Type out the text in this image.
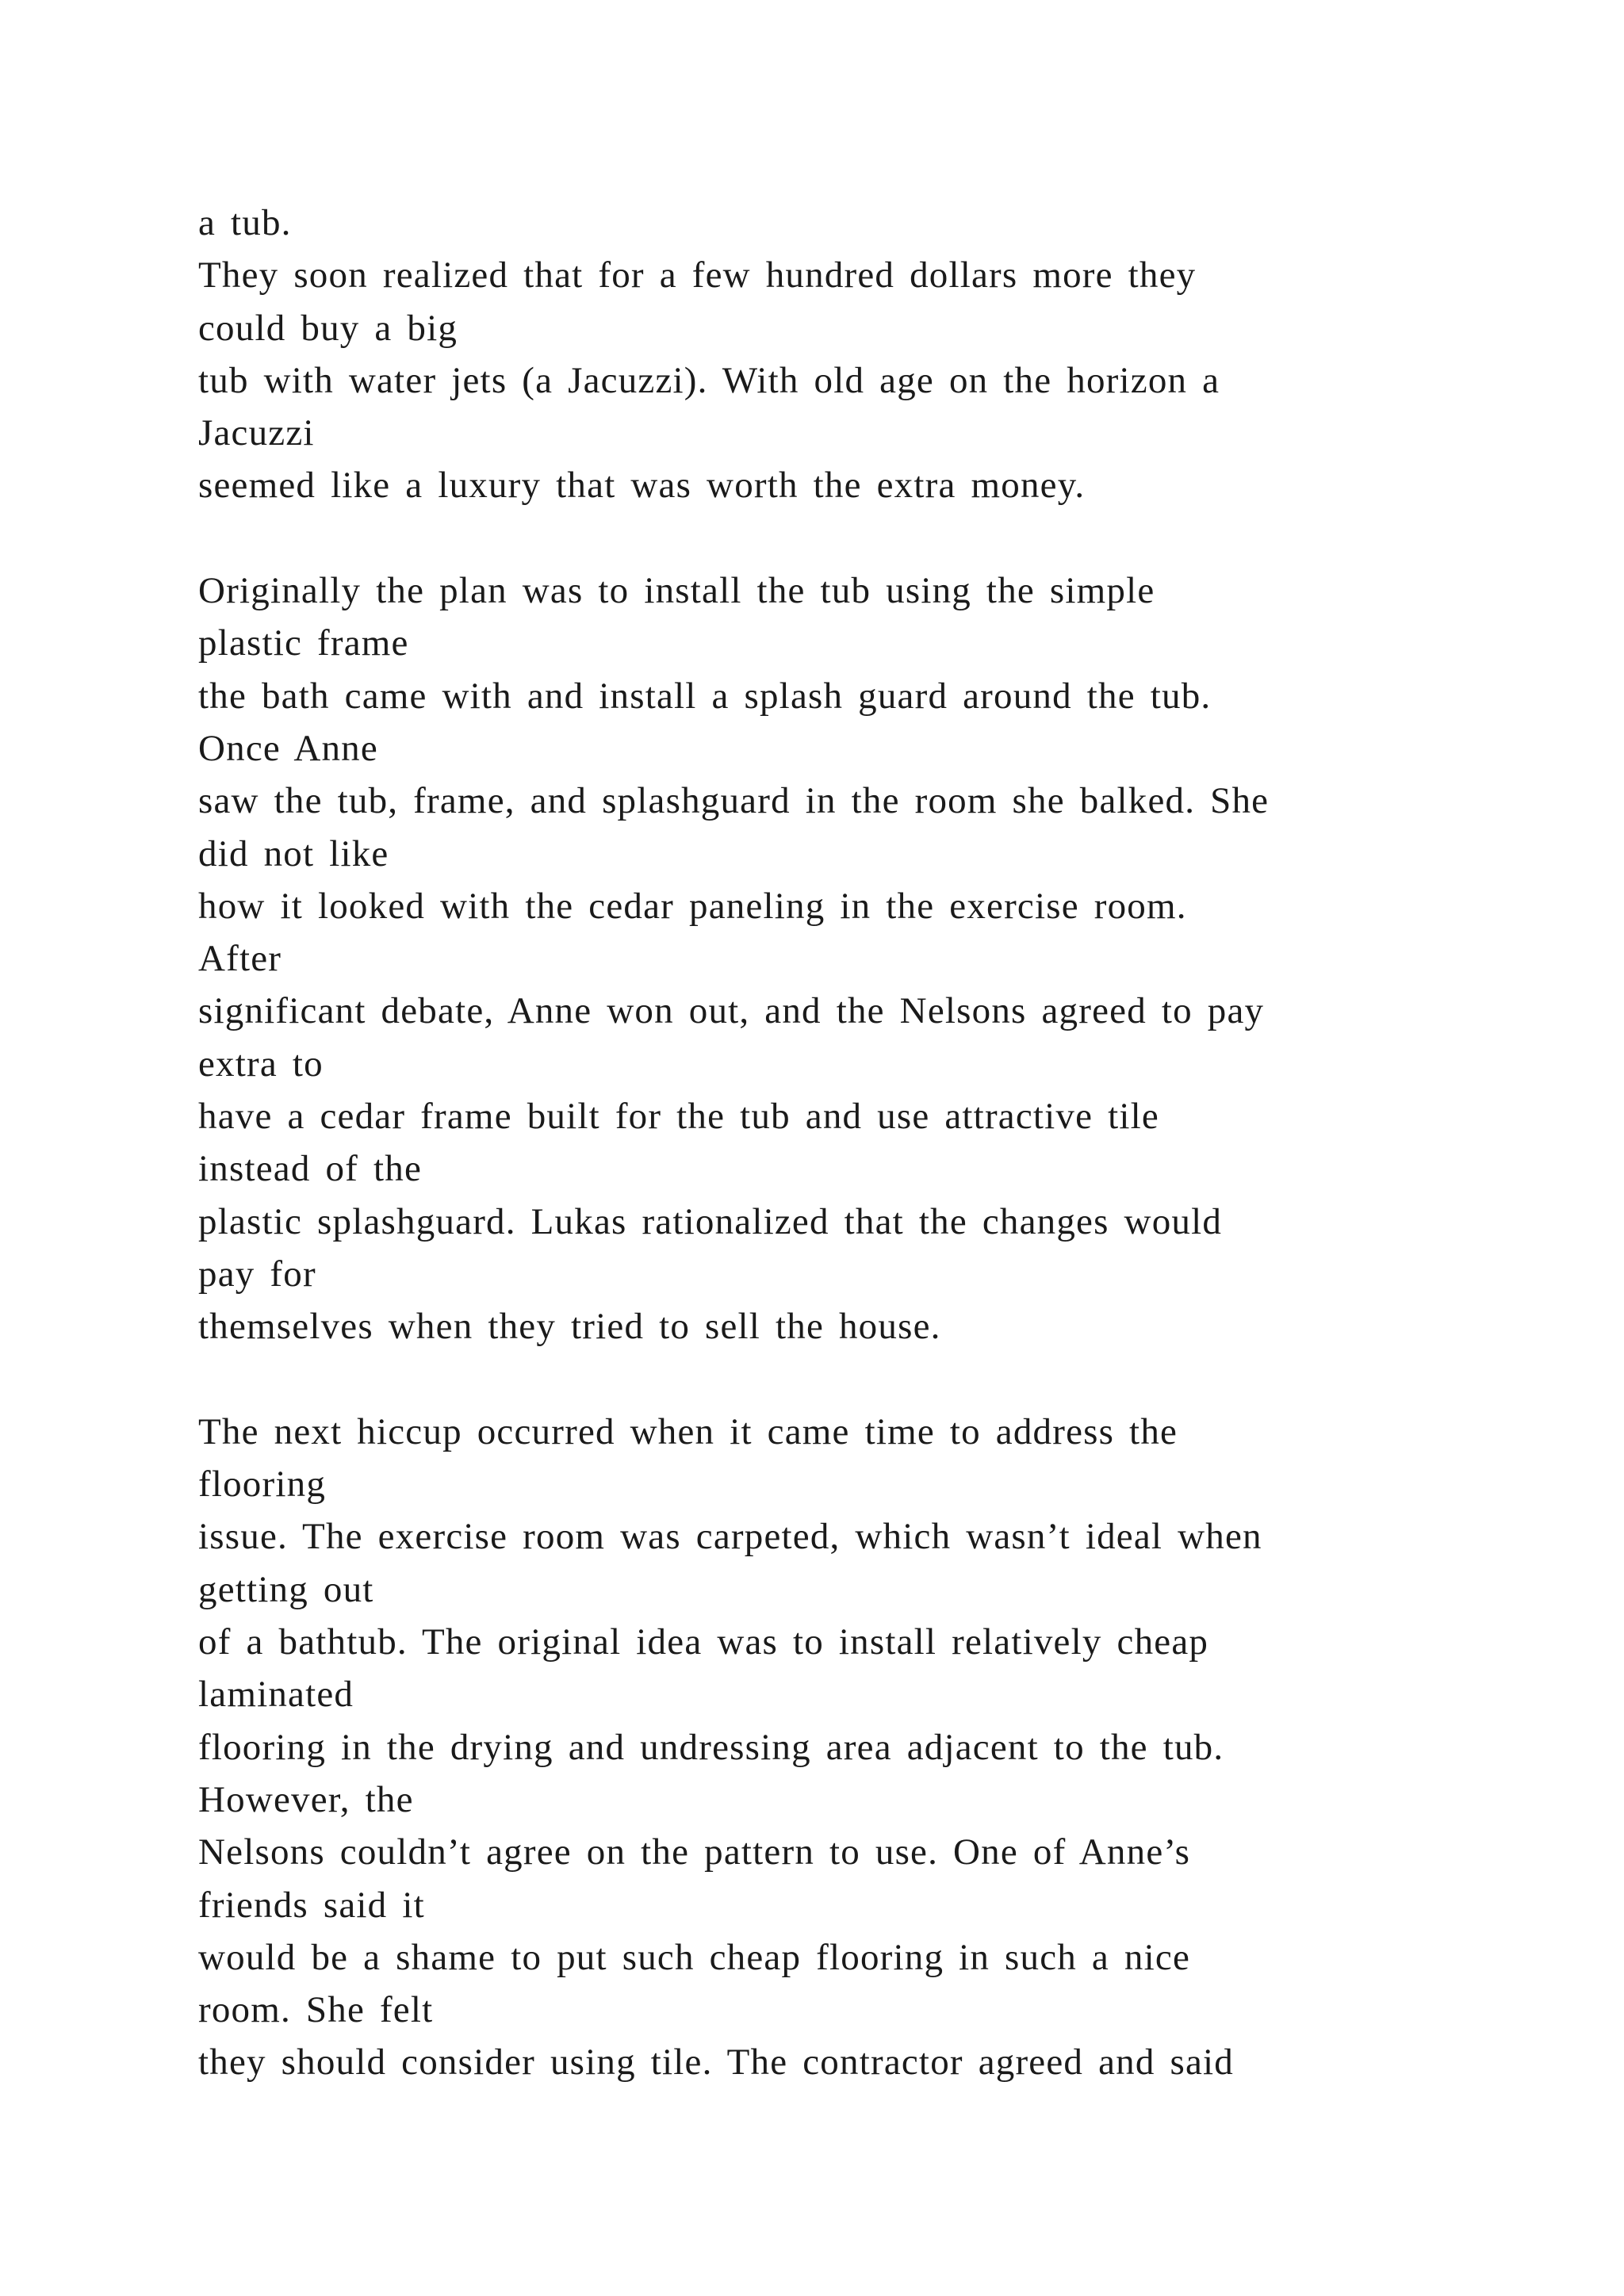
a tub.
They soon realized that for a few hundred dollars more they
could buy a big
tub with water jets (a Jacuzzi). With old age on the horizon a
Jacuzzi
seemed like a luxury that was worth the extra money.
Originally the plan was to install the tub using the simple
plastic frame
the bath came with and install a splash guard around the tub.
Once Anne
saw the tub, frame, and splashguard in the room she balked. She
did not like
how it looked with the cedar paneling in the exercise room.
After
significant debate, Anne won out, and the Nelsons agreed to pay
extra to
have a cedar frame built for the tub and use attractive tile
instead of the
plastic splashguard. Lukas rationalized that the changes would
pay for
themselves when they tried to sell the house.
The next hiccup occurred when it came time to address the
flooring
issue. The exercise room was carpeted, which wasn’t ideal when
getting out
of a bathtub. The original idea was to install relatively cheap
laminated
flooring in the drying and undressing area adjacent to the tub.
However, the
Nelsons couldn’t agree on the pattern to use. One of Anne’s
friends said it
would be a shame to put such cheap flooring in such a nice
room. She felt
they should consider using tile. The contractor agreed and said
